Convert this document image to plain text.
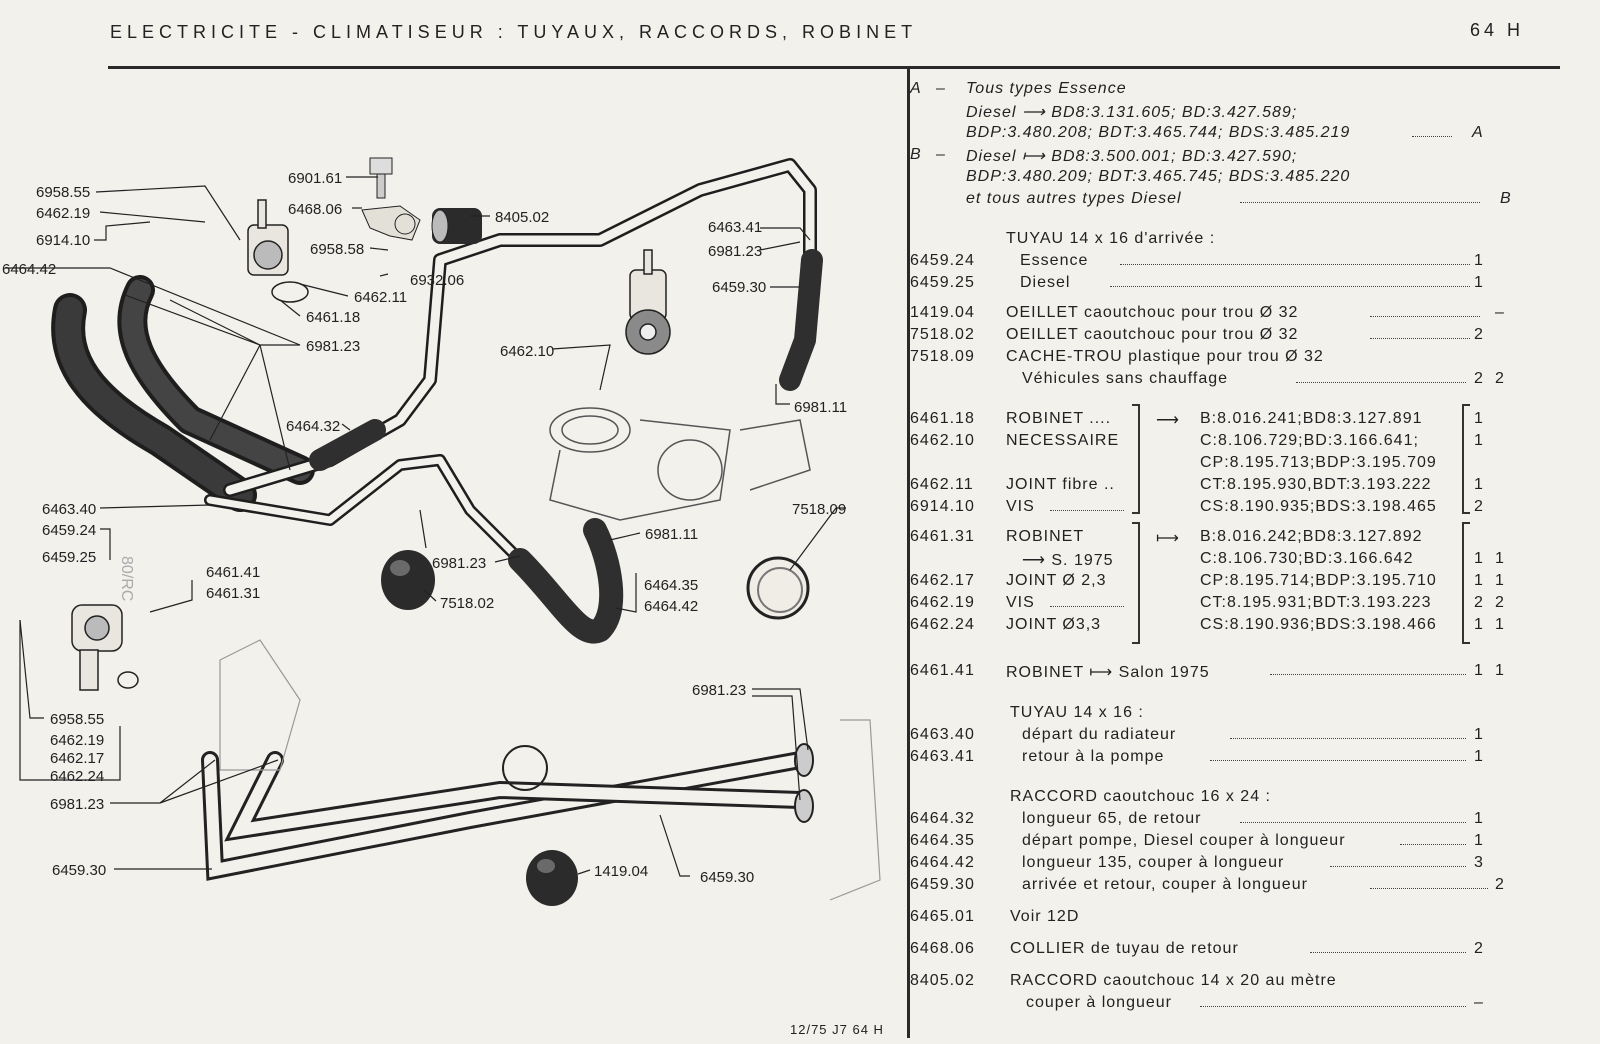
ELECTRICITE - CLIMATISEUR : TUYAUX, RACCORDS, ROBINET	64 H
6958.55
6462.19
6914.10
6464.42
6901.61
6468.06	8405.02
6958.58
6932.06
6462.11
6461.18
6981.23
6463.41
6981.23
6459.30
6462.10
6981.11
6464.32
6463.40
6459.24
6459.25
6461.41
6461.31
7518.09
6981.11
6981.23
7518.02
6464.35
6464.42
6958.55
6462.19
6462.17
6462.24
6981.23
6981.23
6459.30	1419.04	6459.30
80/RC
A – Tous types Essence
Diesel ⟶ BD8:3.131.605; BD:3.427.589;
BDP:3.480.208; BDT:3.465.744; BDS:3.485.219	A
B – Diesel ⟼ BD8:3.500.001; BD:3.427.590;
BDP:3.480.209; BDT:3.465.745; BDS:3.485.220
et tous autres types Diesel	B
TUYAU 14 x 16 d'arrivée :
6459.24	Essence	1
6459.25	Diesel	1
1419.04 OEILLET caoutchouc pour trou Ø 32	–
7518.02 OEILLET caoutchouc pour trou Ø 32	2
7518.09 CACHE-TROU plastique pour trou Ø 32
Véhicules sans chauffage	2 2
6461.18 ROBINET ....	⟶ B:8.016.241;BD8:3.127.891	1
6462.10 NECESSAIRE	C:8.106.729;BD:3.166.641;	1
CP:8.195.713;BDP:3.195.709
6462.11 JOINT fibre ..	CT:8.195.930,BDT:3.193.222	1
6914.10 VIS	CS:8.190.935;BDS:3.198.465 2
6461.31 ROBINET	⟼ B:8.016.242;BD8:3.127.892
⟶ S. 1975	C:8.106.730;BD:3.166.642	1 1
6462.17 JOINT Ø 2,3	CP:8.195.714;BDP:3.195.710 1 1
6462.19 VIS	CT:8.195.931;BDT:3.193.223	2 2
6462.24 JOINT Ø3,3	CS:8.190.936;BDS:3.198.466 1 1
6461.41 ROBINET ⟼ Salon 1975	1 1
TUYAU 14 x 16 :
6463.40	départ du radiateur	1
6463.41	retour à la pompe	1
RACCORD caoutchouc 16 x 24 :
6464.32	longueur 65, de retour	1
6464.35	départ pompe, Diesel couper à longueur	1
6464.42	longueur 135, couper à longueur	3
6459.30	arrivée et retour, couper à longueur	2
6465.01 Voir 12D
6468.06 COLLIER de tuyau de retour	2
8405.02 RACCORD caoutchouc 14 x 20 au mètre
couper à longueur	–
12/75 J7 64 H
